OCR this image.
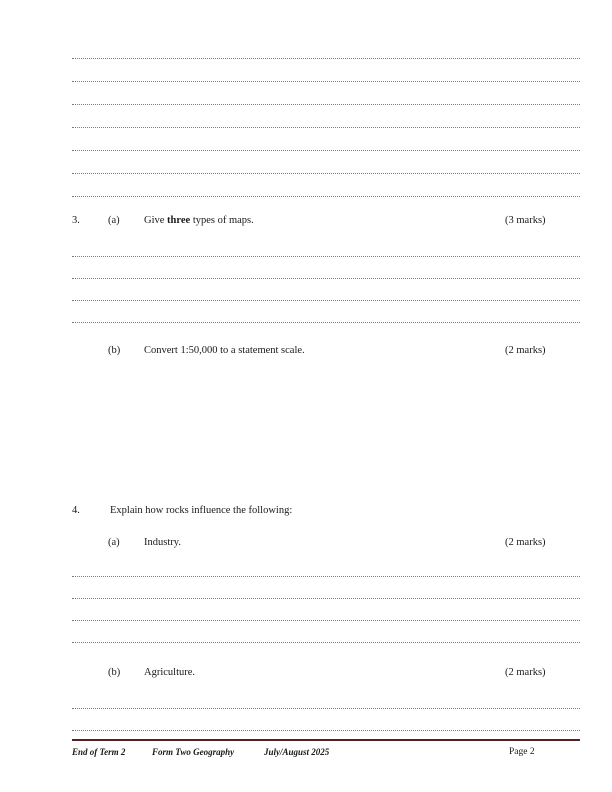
3.	(a) Give three types of maps.	(3 marks)
(b) Convert 1:50,000 to a statement scale.	(2 marks)
4.	Explain how rocks influence the following:
(a) Industry.	(2 marks)
(b) Agriculture.	(2 marks)
End of Term 2	Form Two Geography	July/August 2025	Page 2
